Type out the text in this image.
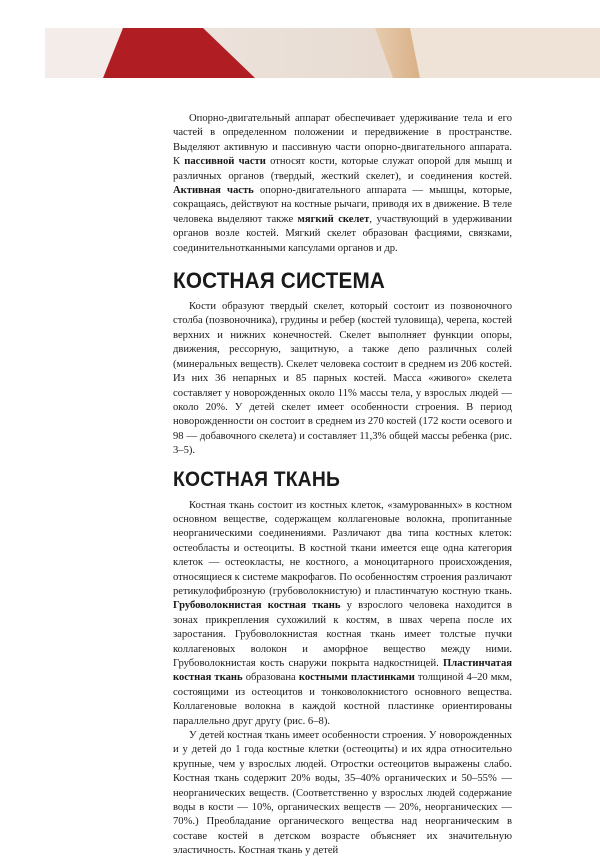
Опорно-двигательный аппарат обеспечивает удерживание тела и его частей в определенном положении и передвижение в пространстве. Выделяют активную и пассивную части опорно-двигательного аппарата. К пассивной части относят кости, которые служат опорой для мышц и различных органов (твердый, жесткий скелет), и соединения костей. Активная часть опорно-двигательного аппарата — мышцы, которые, сокращаясь, действуют на костные рычаги, приводя их в движение. В теле человека выделяют также мягкий скелет, участвующий в удерживании органов возле костей. Мягкий скелет образован фасциями, связками, соединительнотканными капсулами органов и др.

КОСТНАЯ СИСТЕМА

Кости образуют твердый скелет, который состоит из позвоночного столба (позвоночника), грудины и ребер (костей туловища), черепа, костей верхних и нижних конечностей. Скелет выполняет функции опоры, движения, рессорную, защитную, а также депо различных солей (минеральных веществ). Скелет человека состоит в среднем из 206 костей. Из них 36 непарных и 85 парных костей. Масса «живого» скелета составляет у новорожденных около 11% массы тела, у взрослых людей — около 20%. У детей скелет имеет особенности строения. В период новорожденности он состоит в среднем из 270 костей (172 кости осевого и 98 — добавочного скелета) и составляет 11,3% общей массы ребенка (рис. 3–5).

КОСТНАЯ ТКАНЬ

Костная ткань состоит из костных клеток, «замурованных» в костном основном веществе, содержащем коллагеновые волокна, пропитанные неорганическими соединениями. Различают два типа костных клеток: остеобласты и остеоциты. В костной ткани имеется еще одна категория клеток — остеокласты, не костного, а моноцитарного происхождения, относящиеся к системе макрофагов. По особенностям строения различают ретикулофиброзную (грубоволокнистую) и пластинчатую костную ткань. Грубоволокнистая костная ткань у взрослого человека находится в зонах прикрепления сухожилий к костям, в швах черепа после их заростания. Грубоволокнистая костная ткань имеет толстые пучки коллагеновых волокон и аморфное вещество между ними. Грубоволокнистая кость снаружи покрыта надкостницей. Пластинчатая костная ткань образована костными пластинками толщиной 4–20 мкм, состоящими из остеоцитов и тонковолокнистого основного вещества. Коллагеновые волокна в каждой костной пластинке ориентированы параллельно друг другу (рис. 6–8).

У детей костная ткань имеет особенности строения. У новорожденных и у детей до 1 года костные клетки (остеоциты) и их ядра относительно крупные, чем у взрослых людей. Отростки остеоцитов выражены слабо. Костная ткань содержит 20% воды, 35–40% органических и 50–55% — неорганических веществ. (Соответственно у взрослых людей содержание воды в кости — 10%, органических веществ — 20%, неорганических — 70%.) Преобладание органического вещества над неорганическим в составе костей в детском возрасте объясняет их значительную эластичность. Костная ткань у детей
